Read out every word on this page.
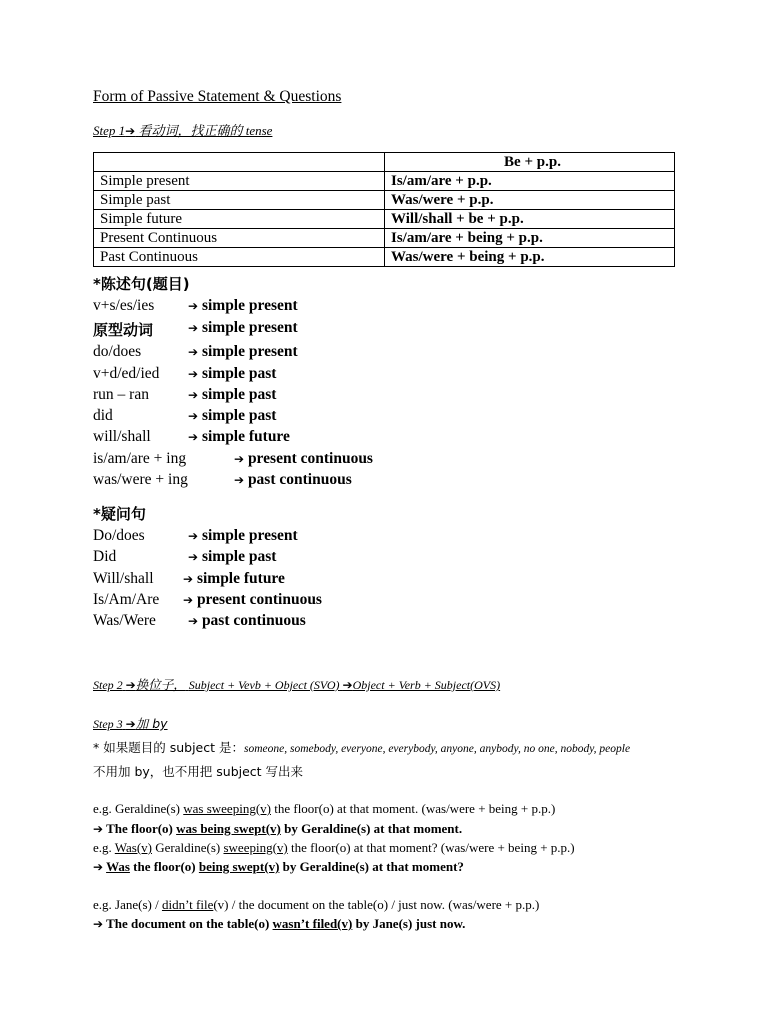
Form of Passive Statement & Questions
Step 1➔ 看动词，找正确的 tense
	Be + p.p.
Simple present	Is/am/are + p.p.
Simple past	Was/were + p.p.
Simple future	Will/shall + be + p.p.
Present Continuous	Is/am/are + being + p.p.
Past Continuous	Was/were + being + p.p.
*陈述句(题目)
v+s/es/ies	➔ simple present
原型动词	➔ simple present
do/does	➔ simple present
v+d/ed/ied ➔ simple past
run – ran	➔ simple past
did	➔ simple past
will/shall	➔ simple future
is/am/are + ing	➔ present continuous
was/were + ing	➔ past continuous
*疑问句
Do/does	➔ simple present
Did	➔ simple past
Will/shall ➔ simple future
Is/Am/Are ➔ present continuous
Was/Were	➔ past continuous
Step 2 ➔换位子， Subject + Vevb + Object (SVO) ➔Object + Verb + Subject(OVS)
Step 3 ➔加 by
* 如果题目的 subject 是：someone, somebody, everyone, everybody, anyone, anybody, no one, nobody, people
不用加 by，也不用把 subject 写出来
e.g. Geraldine(s) was sweeping(v) the floor(o) at that moment. (was/were + being + p.p.)
➔ The floor(o) was being swept(v) by Geraldine(s) at that moment.
e.g. Was(v) Geraldine(s) sweeping(v) the floor(o) at that moment? (was/were + being + p.p.)
➔ Was the floor(o) being swept(v) by Geraldine(s) at that moment?
e.g. Jane(s) / didn’t file(v) / the document on the table(o) / just now. (was/were + p.p.)
➔ The document on the table(o) wasn’t filed(v) by Jane(s) just now.
